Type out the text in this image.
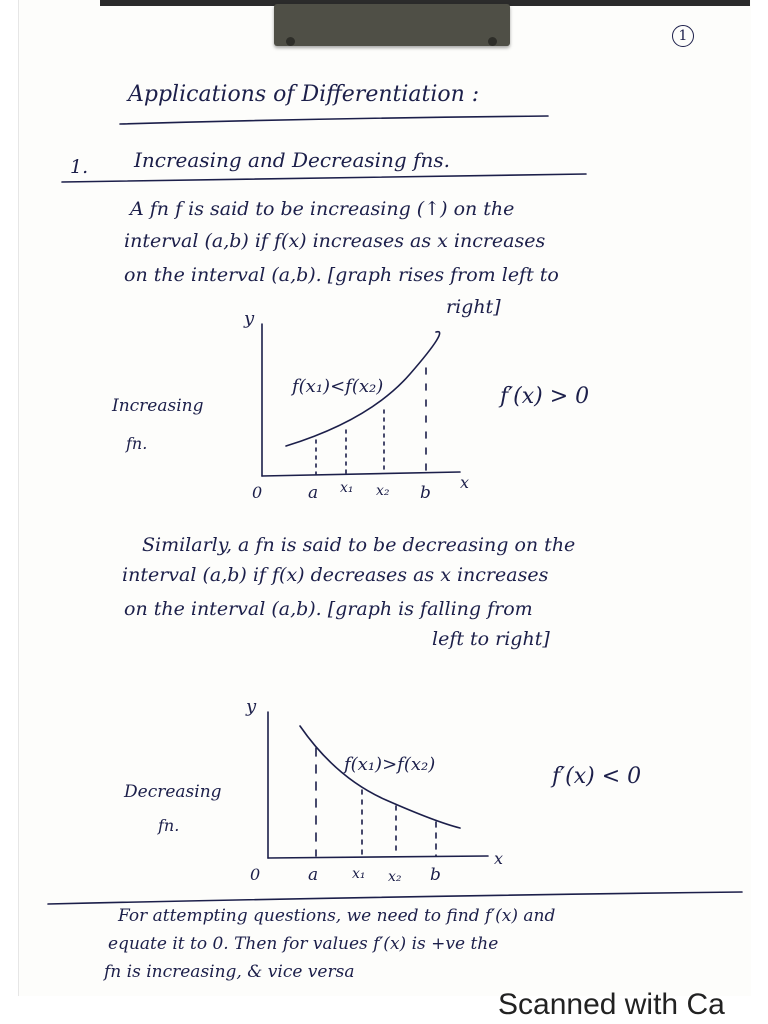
1
Applications of Differentiation :
1. Increasing and Decreasing fns.
A fn f is said to be increasing (↑) on the
interval (a,b) if f(x) increases as x increases
on the interval (a,b). [graph rises from left to
right]
Increasing
fn.
f′(x) > 0
Similarly, a fn is said to be decreasing on the
interval (a,b) if f(x) decreases as x increases
on the interval (a,b). [graph is falling from
left to right]
Decreasing
fn.
f′(x) < 0
For attempting questions, we need to find f′(x) and
equate it to 0. Then for values f′(x) is +ve the
fn is increasing, & vice versa
Scanned with Ca
y
x
0	a x₁ x₂ b
f(x₁)<f(x₂)
y
x
0	a x₁ x₂ b
f(x₁)>f(x₂)
